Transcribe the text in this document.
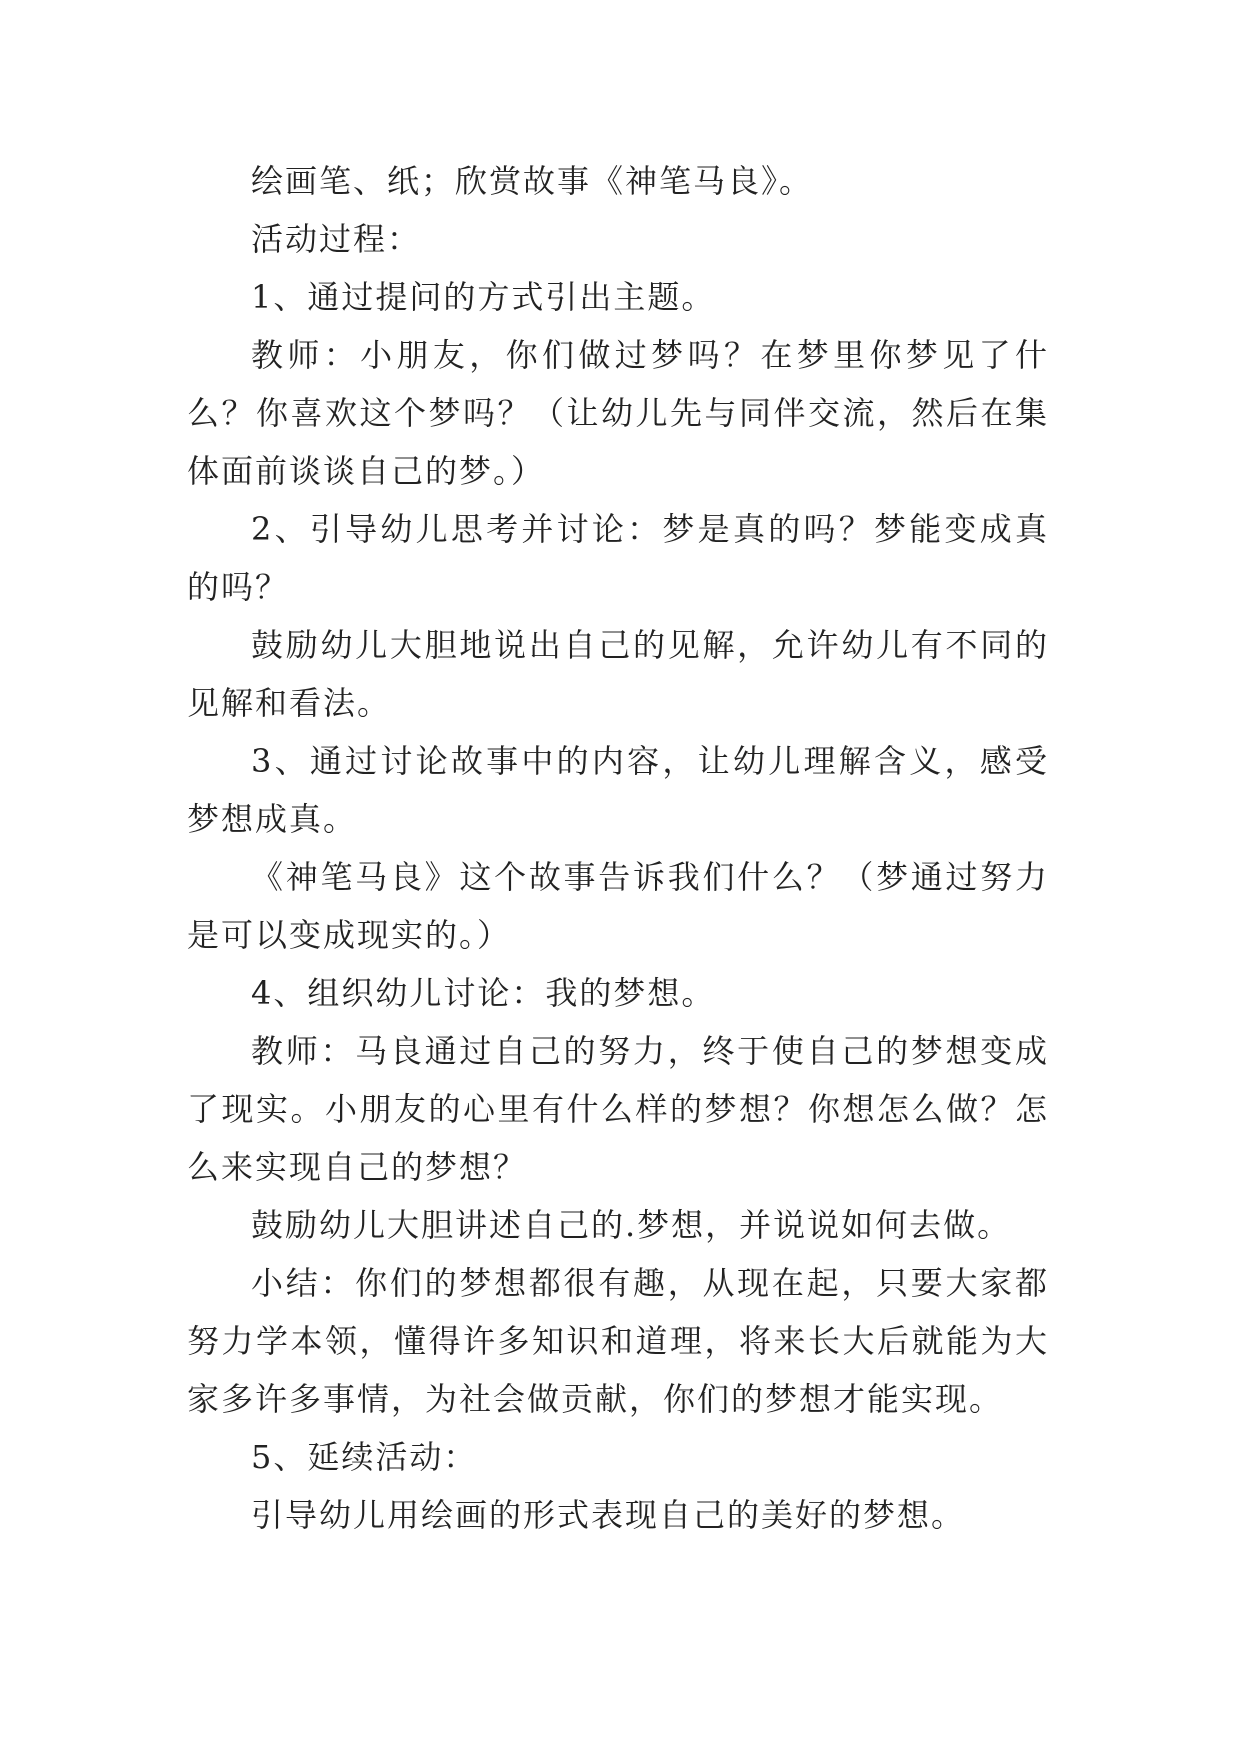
绘画笔、纸；欣赏故事《神笔马良》。

活动过程：

1、通过提问的方式引出主题。

教师：小朋友，你们做过梦吗？在梦里你梦见了什么？你喜欢这个梦吗？（让幼儿先与同伴交流，然后在集体面前谈谈自己的梦。）

2、引导幼儿思考并讨论：梦是真的吗？梦能变成真的吗？

鼓励幼儿大胆地说出自己的见解，允许幼儿有不同的见解和看法。

3、通过讨论故事中的内容，让幼儿理解含义，感受梦想成真。

《神笔马良》这个故事告诉我们什么？（梦通过努力是可以变成现实的。）

4、组织幼儿讨论：我的梦想。

教师：马良通过自己的努力，终于使自己的梦想变成了现实。小朋友的心里有什么样的梦想？你想怎么做？怎么来实现自己的梦想？

鼓励幼儿大胆讲述自己的.梦想，并说说如何去做。

小结：你们的梦想都很有趣，从现在起，只要大家都努力学本领，懂得许多知识和道理，将来长大后就能为大家多许多事情，为社会做贡献，你们的梦想才能实现。

5、延续活动：

引导幼儿用绘画的形式表现自己的美好的梦想。
